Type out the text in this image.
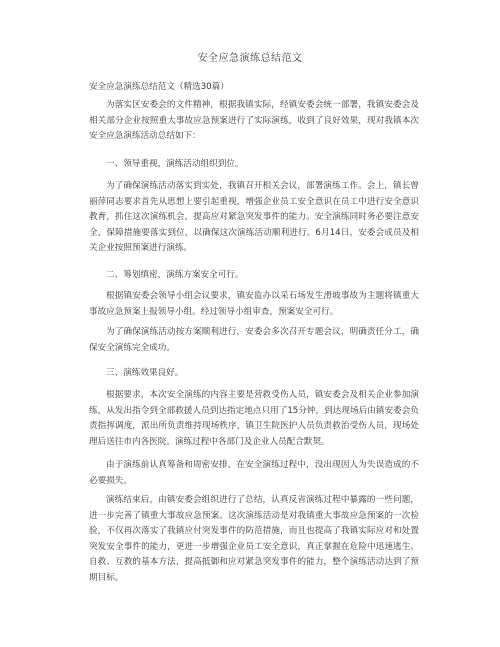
安全应急演练总结范文
安全应急演练总结范文（精选30篇）
为落实区安委会的文件精神，根据我镇实际，经镇安委会统一部署，我镇安委会及相关部分企业按照重大事故应急预案进行了实际演练，收到了良好效果，现对我镇本次安全应急演练活动总结如下：
一、领导重视，演练活动组织到位。
为了确保演练活动落实到实处，我镇召开相关会议，部署演练工作。会上，镇长曾丽萍同志要求首先从思想上要引起重视，增强企业员工安全意识在员工中进行安全意识教育，抓住这次演练机会，提高应对紧急突发事件的能力。安全演练同时务必要注意安全，保障措施要落实到位，以确保这次演练活动顺利进行。6月14日，安委会成员及相关企业按照预案进行演练。
二、筹划缜密，演练方案安全可行。
根据镇安委会领导小组会议要求，镇安监办以采石场发生滑坡事故为主题将镇重大事故应急预案上报领导小组。经过领导小组审查，预案安全可行。
为了确保演练活动按方案顺利进行，安委会多次召开专题会议，明确责任分工，确保安全演练完全成功。
三、演练效果良好。
根据要求，本次安全演练的内容主要是营救受伤人员，镇安委会及相关企业参加演练，从发出指令到全部救援人员到达指定地点只用了15分钟，到达现场后由镇安委会负责指挥调度，派出所负责维持现场秩序，镇卫生院医护人员负责救治受伤人员，现场处理后送往市内各医院。演练过程中各部门及企业人员配合默契。
由于演练前认真筹备和周密安排，在安全演练过程中，没出现因人为失误造成的不必要损失。
演练结束后，由镇安委会组织进行了总结，认真反省演练过程中暴露的一些问题，进一步完善了镇重大事故应急预案。这次演练活动是对我镇重大事故应急预案的一次检验，不仅再次落实了我镇应付突发事件的防范措施，而且也提高了我镇实际应对和处置突发安全事件的能力，更进一步增强企业员工安全意识，真正掌握在危险中迅速逃生、自救、互救的基本方法，提高抵御和应对紧急突发事件的能力，整个演练活动达到了预期目标。
